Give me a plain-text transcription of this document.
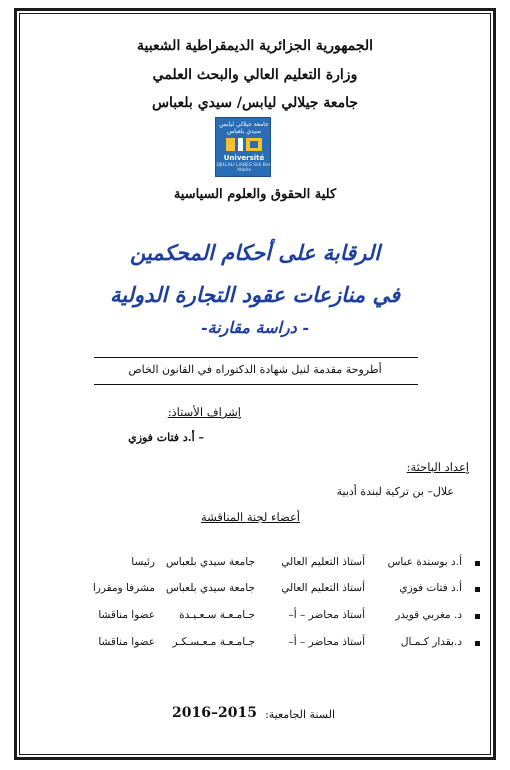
الجمهورية الجزائرية الديمقراطية الشعبية
وزارة التعليم العالي والبحث العلمي
جامعة جيلالي ليابس/ سيدي بلعباس
جامعة جيلالي ليابس سيدي بلعباس
Université
DJILLALI LIABES Sidi Bel-Abbès
كلية الحقوق والعلوم السياسية
الرقابة على أحكام المحكمين
في منازعات عقود التجارة الدولية
- دراسة مقارنة-
أطروحة مقدمة لنيل شهادة الدكتوراه في القانون الخاص
إشراف الأستاذ:
– أ.د فتات فوزي
إعداد الباحثة:
علال– بن تركية لبندة أدبية
أعضاء لجنة المناقشة
أ.د بوسندة عباس
أستاذ التعليم العالي
جامعة سيدي بلعباس
رئيسا
أ.د فتات فوزي
أستاذ التعليم العالي
جامعة سيدي بلعباس
مشرفا ومقررا
د. مغربي قويدر
أستاذ محاضر – أ–
جـامـعـة سـعـيـدة
عضوا مناقشا
د.بقدار كـمـال
أستاذ محاضر – أ–
جـامـعـة مـعـسـكـر
عضوا مناقشا
السنة الجامعية:
2016–2015
